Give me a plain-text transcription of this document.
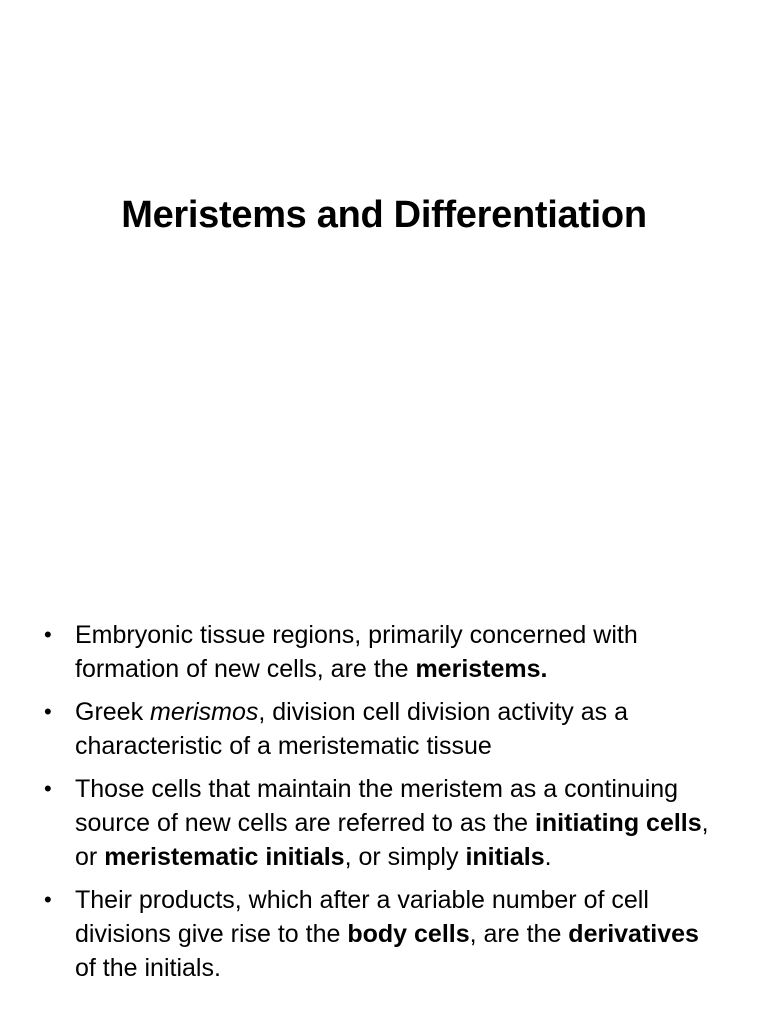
Meristems and Differentiation
• Embryonic tissue regions, primarily concerned with formation of new cells, are the meristems.
• Greek merismos, division cell division activity as a characteristic of a meristematic tissue
• Those cells that maintain the meristem as a continuing source of new cells are referred to as the initiating cells, or meristematic initials, or simply initials.
• Their products, which after a variable number of cell divisions give rise to the body cells, are the derivatives of the initials.
